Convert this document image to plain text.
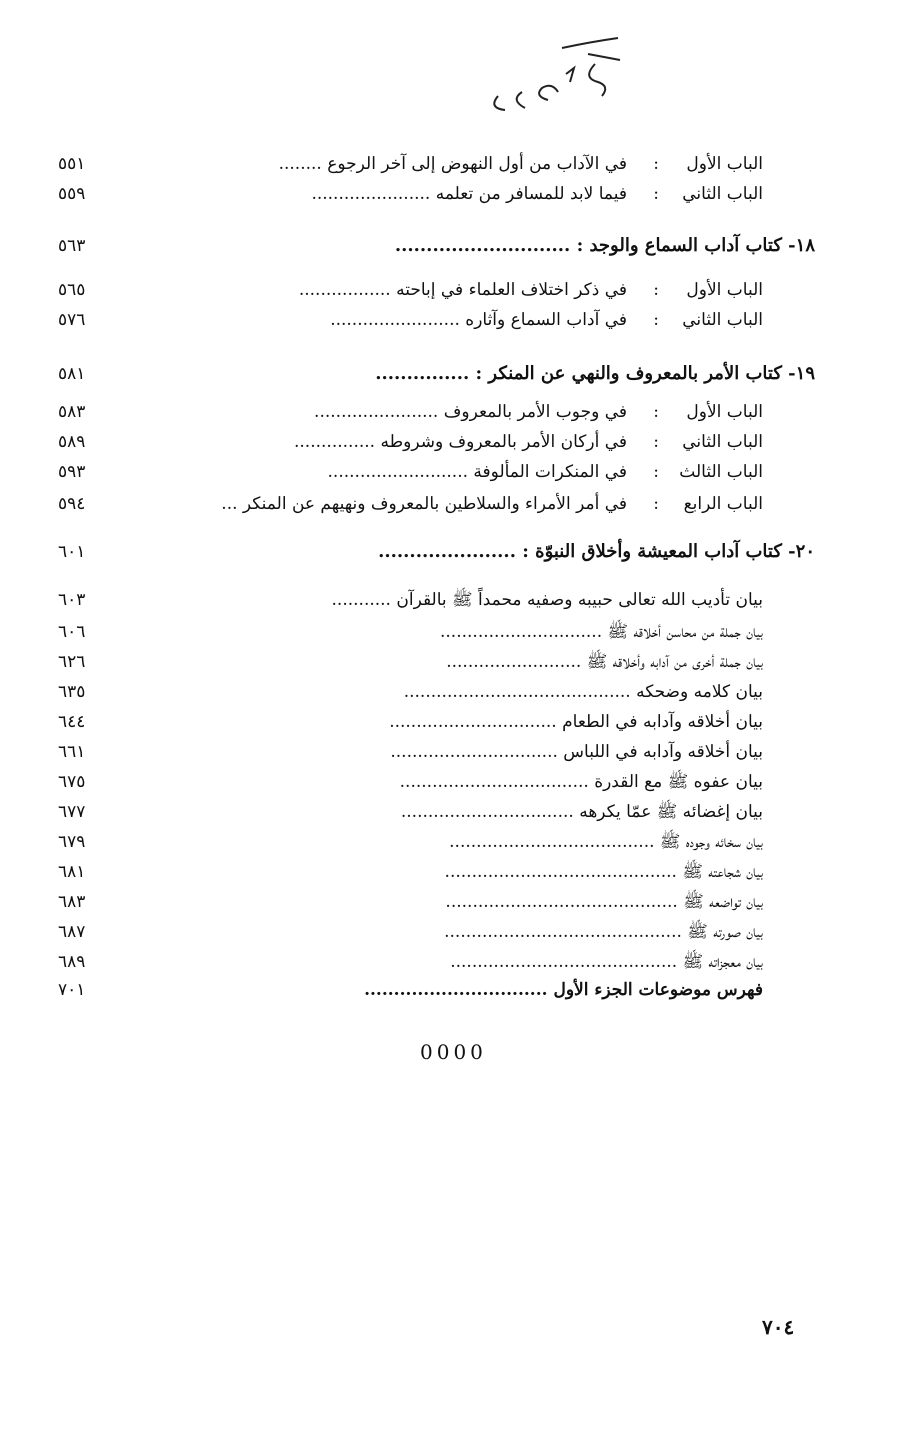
الباب الأول
:
في الآداب من أول النهوض إلى آخر الرجوع ........
٥٥١
الباب الثاني
:
فيما لابد للمسافر من تعلمه ......................
٥٥٩
١٨- كتاب آداب السماع والوجد : ............................
٥٦٣
الباب الأول
:
في ذكر اختلاف العلماء في إباحته .................
٥٦٥
الباب الثاني
:
في آداب السماع وآثاره ........................
٥٧٦
١٩- كتاب الأمر بالمعروف والنهي عن المنكر : ...............
٥٨١
الباب الأول
:
في وجوب الأمر بالمعروف .......................
٥٨٣
الباب الثاني
:
في أركان الأمر بالمعروف وشروطه ...............
٥٨٩
الباب الثالث
:
في المنكرات المألوفة ..........................
٥٩٣
الباب الرابع
:
في أمر الأمراء والسلاطين بالمعروف ونهيهم عن المنكر ...
٥٩٤
٢٠- كتاب آداب المعيشة وأخلاق النبوّة : ......................
٦٠١
بيان تأديب الله تعالى حبيبه وصفيه محمداً ﷺ بالقرآن ...........
٦٠٣
بيان جملة من محاسن أخلاقه ﷺ ..............................
٦٠٦
بيان جملة أخرى من آدابه وأخلاقه ﷺ .........................
٦٢٦
بيان كلامه وضحكه ..........................................
٦٣٥
بيان أخلاقه وآدابه في الطعام ...............................
٦٤٤
بيان أخلاقه وآدابه في اللباس ...............................
٦٦١
بيان عفوه ﷺ مع القدرة ...................................
٦٧٥
بيان إغضائه ﷺ عمّا يكرهه ................................
٦٧٧
بيان سخائه وجوده ﷺ ......................................
٦٧٩
بيان شجاعته ﷺ ...........................................
٦٨١
بيان تواضعه ﷺ ...........................................
٦٨٣
بيان صورته ﷺ ............................................
٦٨٧
بيان معجزاته ﷺ ..........................................
٦٨٩
فهرس موضوعات الجزء الأول ...............................
٧٠١
0000
٧٠٤
